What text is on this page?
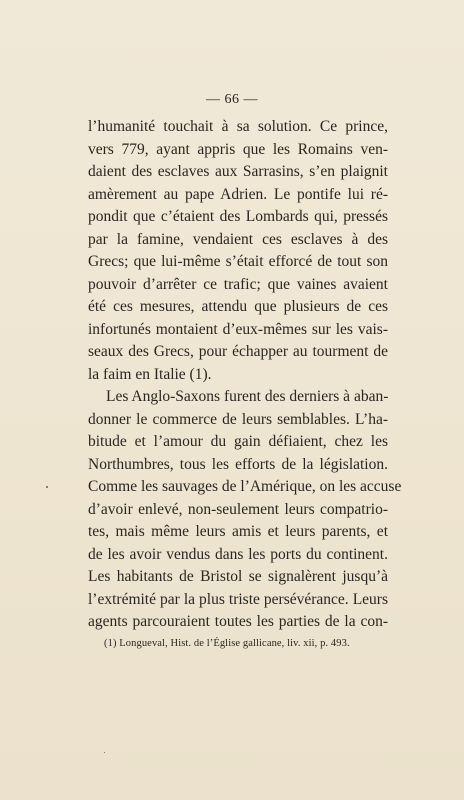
— 66 —
l’humanité touchait à sa solution. Ce prince,
vers 779, ayant appris que les Romains ven-
daient des esclaves aux Sarrasins, s’en plaignit
amèrement au pape Adrien. Le pontife lui ré-
pondit que c’étaient des Lombards qui, pressés
par la famine, vendaient ces esclaves à des
Grecs; que lui-même s’était efforcé de tout son
pouvoir d’arrêter ce trafic; que vaines avaient
été ces mesures, attendu que plusieurs de ces
infortunés montaient d’eux-mêmes sur les vais-
seaux des Grecs, pour échapper au tourment de
la faim en Italie (1).
Les Anglo-Saxons furent des derniers à aban-
donner le commerce de leurs semblables. L’ha-
bitude et l’amour du gain défiaient, chez les
Northumbres, tous les efforts de la législation.
Comme les sauvages de l’Amérique, on les accuse
d’avoir enlevé, non-seulement leurs compatrio-
tes, mais même leurs amis et leurs parents, et
de les avoir vendus dans les ports du continent.
Les habitants de Bristol se signalèrent jusqu’à
l’extrémité par la plus triste persévérance. Leurs
agents parcouraient toutes les parties de la con-
(1) Longueval, Hist. de l’Église gallicane, liv. xii, p. 493.
